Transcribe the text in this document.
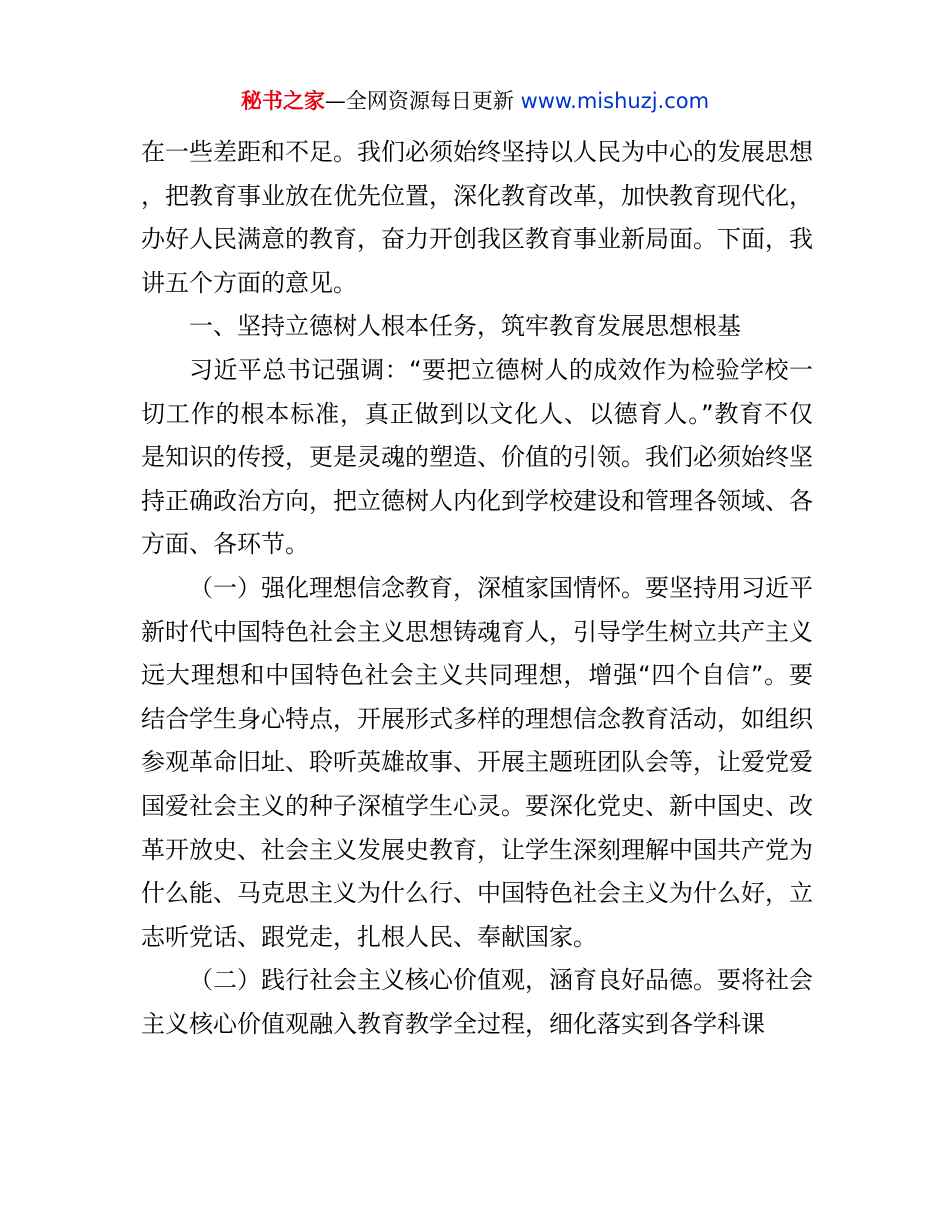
秘书之家—全网资源每日更新 www.mishuzj.com

在一些差距和不足。我们必须始终坚持以人民为中心的发展思想，把教育事业放在优先位置，深化教育改革，加快教育现代化，办好人民满意的教育，奋力开创我区教育事业新局面。下面，我讲五个方面的意见。

一、坚持立德树人根本任务，筑牢教育发展思想根基

习近平总书记强调：“要把立德树人的成效作为检验学校一切工作的根本标准，真正做到以文化人、以德育人。”教育不仅是知识的传授，更是灵魂的塑造、价值的引领。我们必须始终坚持正确政治方向，把立德树人内化到学校建设和管理各领域、各方面、各环节。

（一）强化理想信念教育，深植家国情怀。要坚持用习近平新时代中国特色社会主义思想铸魂育人，引导学生树立共产主义远大理想和中国特色社会主义共同理想，增强“四个自信”。要结合学生身心特点，开展形式多样的理想信念教育活动，如组织参观革命旧址、聆听英雄故事、开展主题班团队会等，让爱党爱国爱社会主义的种子深植学生心灵。要深化党史、新中国史、改革开放史、社会主义发展史教育，让学生深刻理解中国共产党为什么能、马克思主义为什么行、中国特色社会主义为什么好，立志听党话、跟党走，扎根人民、奉献国家。

（二）践行社会主义核心价值观，涵育良好品德。要将社会主义核心价值观融入教育教学全过程，细化落实到各学科课
